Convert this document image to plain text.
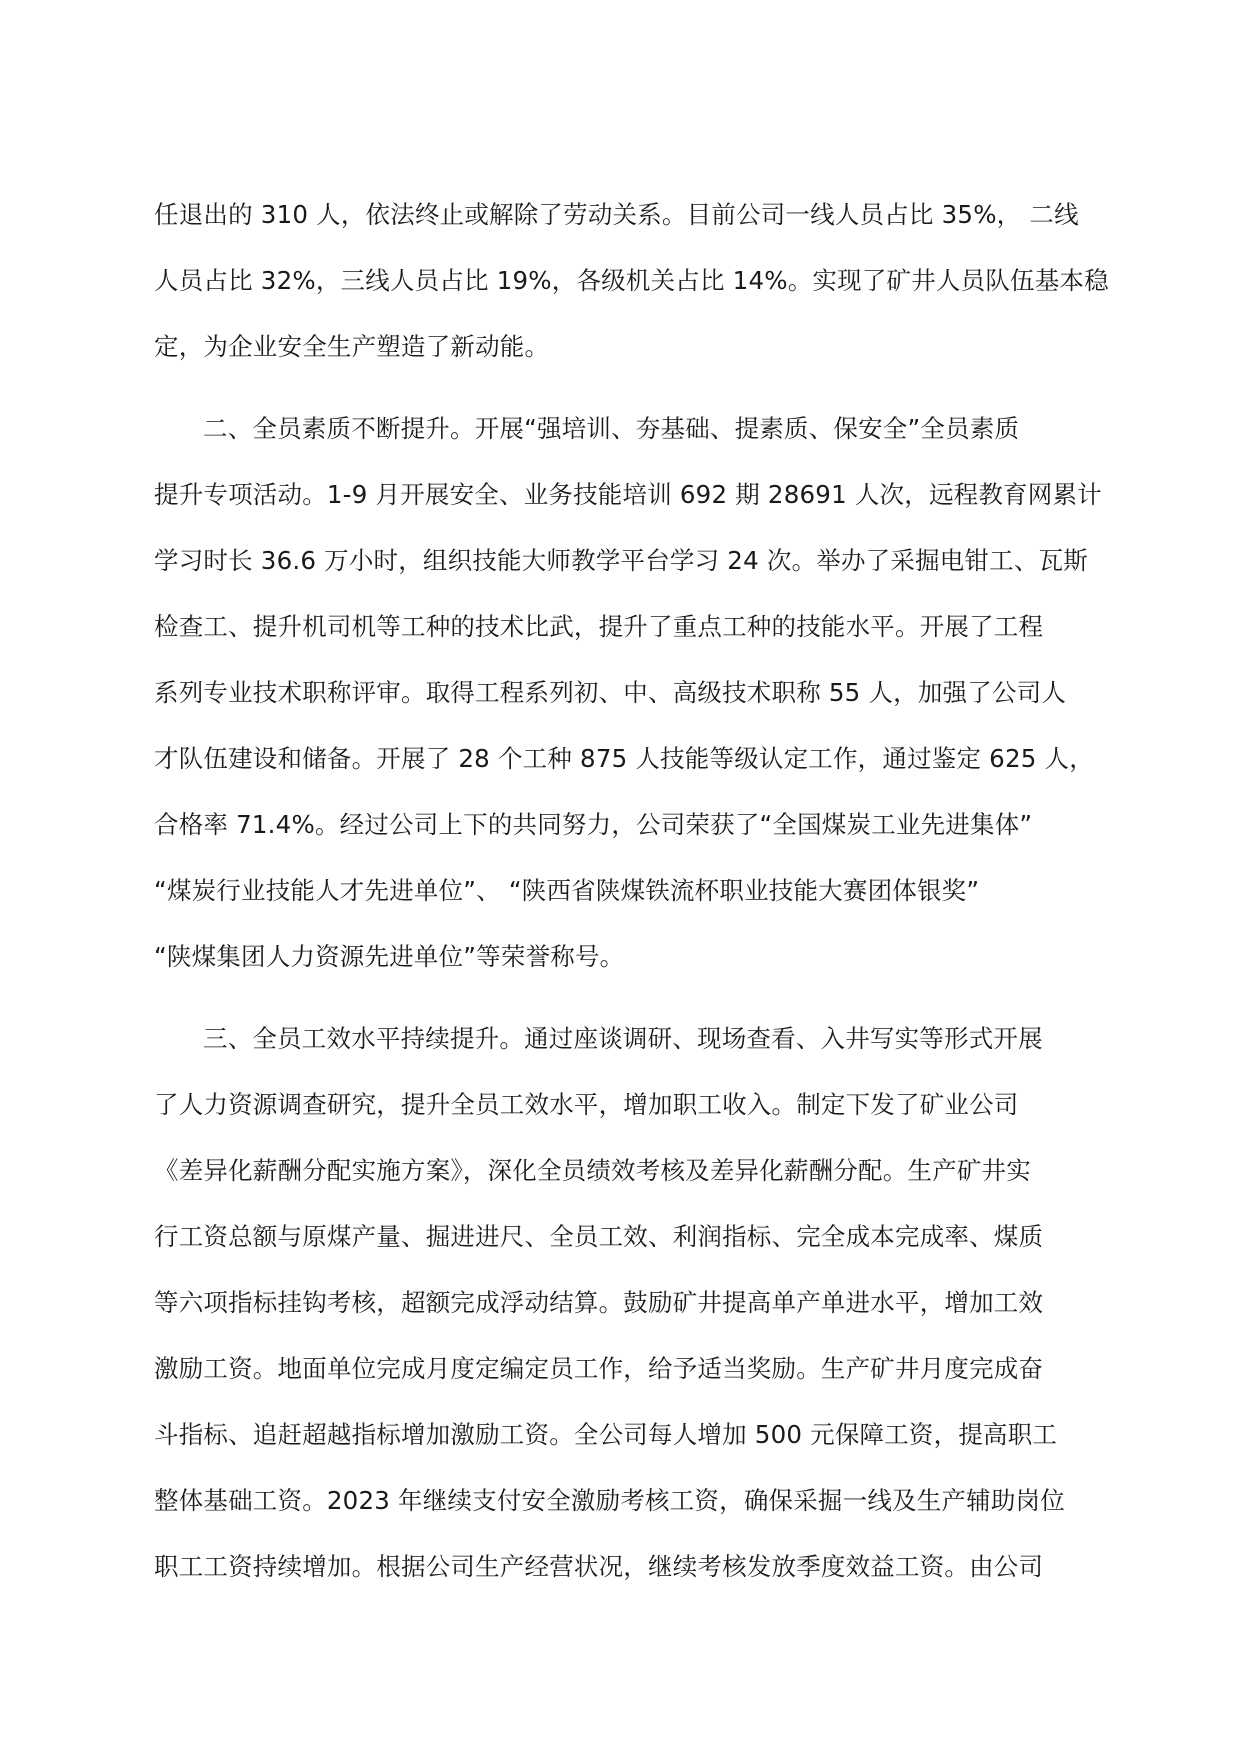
任退出的 310 人，依法终止或解除了劳动关系。目前公司一线人员占比 35%， 二线
人员占比 32%，三线人员占比 19%，各级机关占比 14%。实现了矿井人员队伍基本稳
定，为企业安全生产塑造了新动能。
二、全员素质不断提升。开展“强培训、夯基础、提素质、保安全”全员素质
提升专项活动。1-9 月开展安全、业务技能培训 692 期 28691 人次，远程教育网累计
学习时长 36.6 万小时，组织技能大师教学平台学习 24 次。举办了采掘电钳工、瓦斯
检查工、提升机司机等工种的技术比武，提升了重点工种的技能水平。开展了工程
系列专业技术职称评审。取得工程系列初、中、高级技术职称 55 人，加强了公司人
才队伍建设和储备。开展了 28 个工种 875 人技能等级认定工作，通过鉴定 625 人，
合格率 71.4%。经过公司上下的共同努力，公司荣获了“全国煤炭工业先进集体”
“煤炭行业技能人才先进单位”、 “陕西省陕煤铁流杯职业技能大赛团体银奖”
“陕煤集团人力资源先进单位”等荣誉称号。
三、全员工效水平持续提升。通过座谈调研、现场查看、入井写实等形式开展
了人力资源调查研究，提升全员工效水平，增加职工收入。制定下发了矿业公司
《差异化薪酬分配实施方案》，深化全员绩效考核及差异化薪酬分配。生产矿井实
行工资总额与原煤产量、掘进进尺、全员工效、利润指标、完全成本完成率、煤质
等六项指标挂钩考核，超额完成浮动结算。鼓励矿井提高单产单进水平，增加工效
激励工资。地面单位完成月度定编定员工作，给予适当奖励。生产矿井月度完成奋
斗指标、追赶超越指标增加激励工资。全公司每人增加 500 元保障工资，提高职工
整体基础工资。2023 年继续支付安全激励考核工资，确保采掘一线及生产辅助岗位
职工工资持续增加。根据公司生产经营状况，继续考核发放季度效益工资。由公司
